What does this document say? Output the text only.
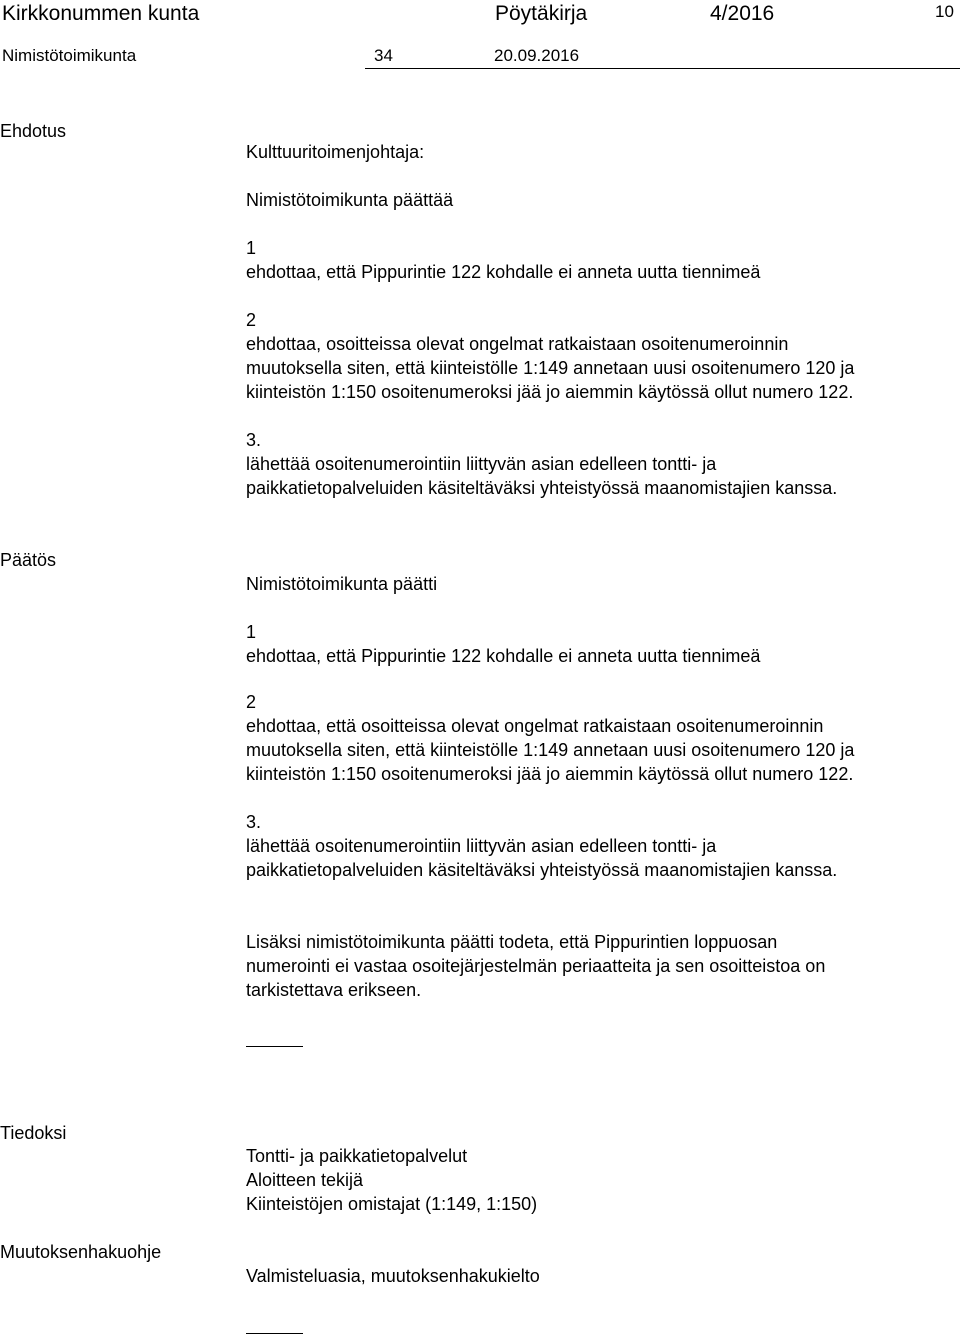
Kirkkonummen kunta	Pöytäkirja	4/2016	10
Nimistötoimikunta	34	20.09.2016
Ehdotus
Kulttuuritoimenjohtaja:
Nimistötoimikunta päättää
1
ehdottaa, että Pippurintie 122 kohdalle ei anneta uutta tiennimeä
2
ehdottaa, osoitteissa olevat ongelmat ratkaistaan osoitenumeroinnin
muutoksella siten, että kiinteistölle 1:149 annetaan uusi osoitenumero 120 ja
kiinteistön 1:150 osoitenumeroksi jää jo aiemmin käytössä ollut numero 122.
3.
lähettää osoitenumerointiin liittyvän asian edelleen tontti- ja
paikkatietopalveluiden käsiteltäväksi yhteistyössä maanomistajien kanssa.
Päätös
Nimistötoimikunta päätti
1
ehdottaa, että Pippurintie 122 kohdalle ei anneta uutta tiennimeä
2
ehdottaa, että osoitteissa olevat ongelmat ratkaistaan osoitenumeroinnin
muutoksella siten, että kiinteistölle 1:149 annetaan uusi osoitenumero 120 ja
kiinteistön 1:150 osoitenumeroksi jää jo aiemmin käytössä ollut numero 122.
3.
lähettää osoitenumerointiin liittyvän asian edelleen tontti- ja
paikkatietopalveluiden käsiteltäväksi yhteistyössä maanomistajien kanssa.
Lisäksi nimistötoimikunta päätti todeta, että Pippurintien loppuosan
numerointi ei vastaa osoitejärjestelmän periaatteita ja sen osoitteistoa on
tarkistettava erikseen.
Tiedoksi
Tontti- ja paikkatietopalvelut
Aloitteen tekijä
Kiinteistöjen omistajat (1:149, 1:150)
Muutoksenhakuohje
Valmisteluasia, muutoksenhakukielto
